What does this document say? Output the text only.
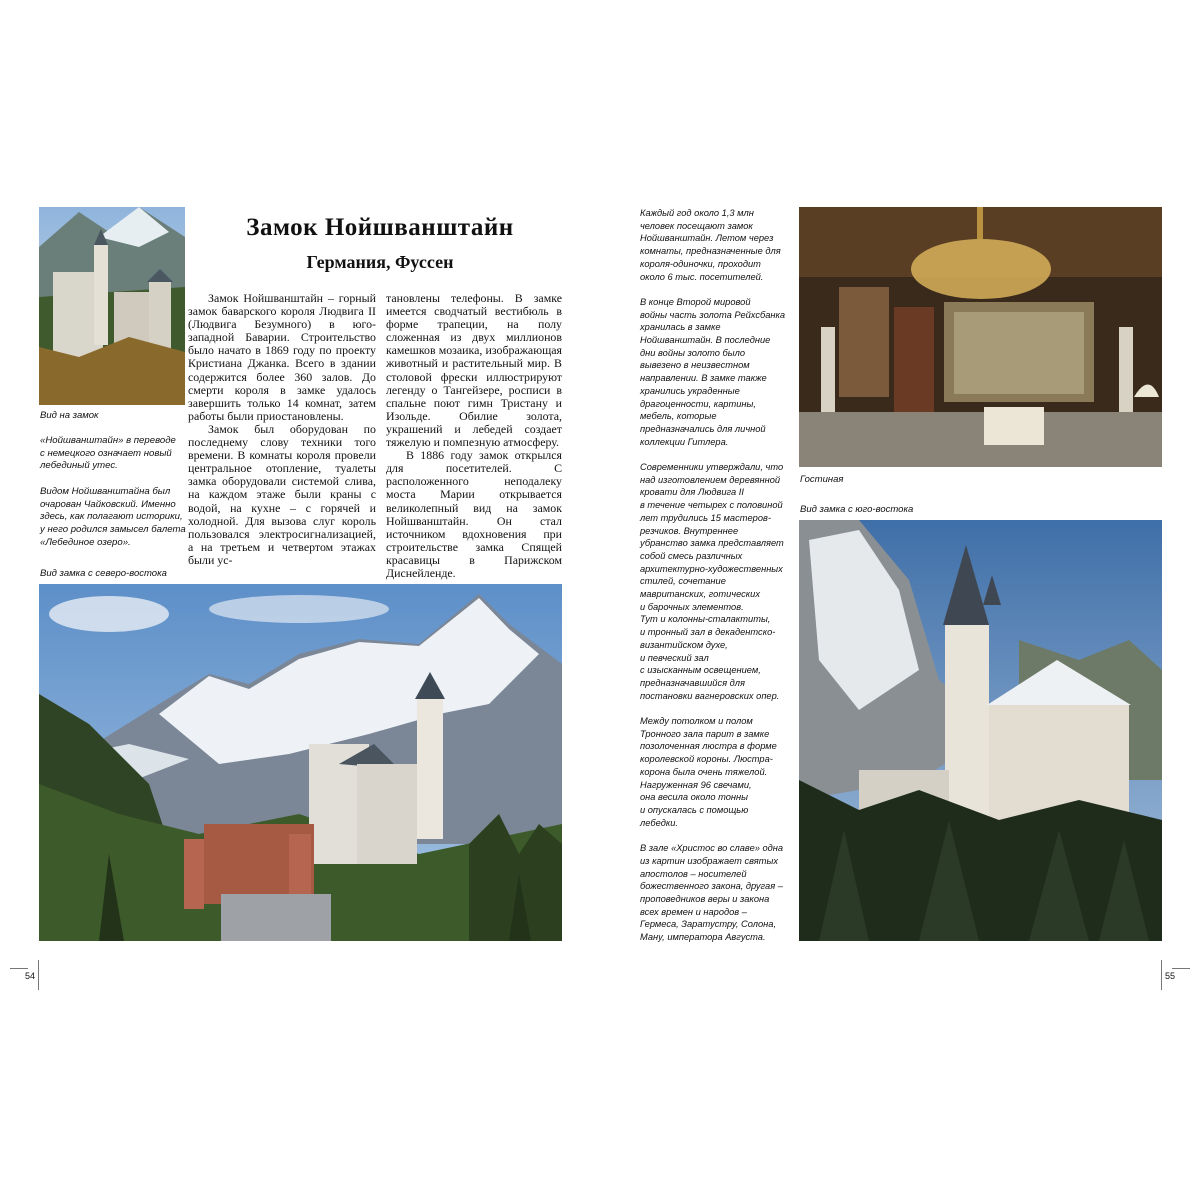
Вид на замок

«Нойшванштайн» в переводе
с немецкого означает новый
лебединый утес.

Видом Нойшванштайна был
очарован Чайковский. Именно
здесь, как полагают историки,
у него родился замысел балета
«Лебединое озеро».

Замок Нойшванштайн
Германия, Фуссен

Замок Нойшванштайн – горный замок баварского короля Людвига II (Людвига Безумного) в юго-западной Баварии. Строительство было начато в 1869 году по проекту Кристиана Джанка. Всего в здании содержится более 360 залов. До смерти короля в замке удалось завершить только 14 комнат, затем работы были приостановлены.

Замок был оборудован по последнему слову техники того времени. В комнаты короля провели центральное отопление, туалеты замка оборудовали системой слива, на каждом этаже были краны с водой, на кухне – с горячей и холодной. Для вызова слуг король пользовался электросигнализацией, а на третьем и четвертом этажах были ус-

тановлены телефоны. В замке имеется сводчатый вестибюль в форме трапеции, на полу сложенная из двух миллионов камешков мозаика, изображающая животный и растительный мир. В столовой фрески иллюстрируют легенду о Тангейзере, росписи в спальне поют гимн Тристану и Изольде. Обилие золота, украшений и лебедей создает тяжелую и помпезную атмосферу.

В 1886 году замок открылся для посетителей. С расположенного неподалеку моста Марии открывается великолепный вид на замок Нойшванштайн. Он стал источником вдохновения при строительстве замка Спящей красавицы в Парижском Диснейленде.

Вид замка с северо-востока
54

Каждый год около 1,3 млн
человек посещают замок
Нойшванштайн. Летом через
комнаты, предназначенные для
короля-одиночки, проходит
около 6 тыс. посетителей.

В конце Второй мировой
войны часть золота Рейхсбанка
хранилась в замке
Нойшванштайн. В последние
дни войны золото было
вывезено в неизвестном
направлении. В замке также
хранились украденные
драгоценности, картины,
мебель, которые
предназначались для личной
коллекции Гитлера.

Современники утверждали, что
над изготовлением деревянной
кровати для Людвига II
в течение четырех с половиной
лет трудились 15 мастеров-
резчиков. Внутреннее
убранство замка представляет
собой смесь различных
архитектурно-художественных
стилей, сочетание
мавританских, готических
и барочных элементов.
Тут и колонны-сталактиты,
и тронный зал в декадентско-
византийском духе,
и певческий зал
с изысканным освещением,
предназначавшийся для
постановки вагнеровских опер.

Между потолком и полом
Тронного зала парит в замке
позолоченная люстра в форме
королевской короны. Люстра-
корона была очень тяжелой.
Нагруженная 96 свечами,
она весила около тонны
и опускалась с помощью
лебедки.

В зале «Христос во славе» одна
из картин изображает святых
апостолов – носителей
божественного закона, другая –
проповедников веры и закона
всех времен и народов –
Гермеса, Заратустру, Солона,
Ману, императора Августа.

Гостиная
Вид замка с юго-востока
55
